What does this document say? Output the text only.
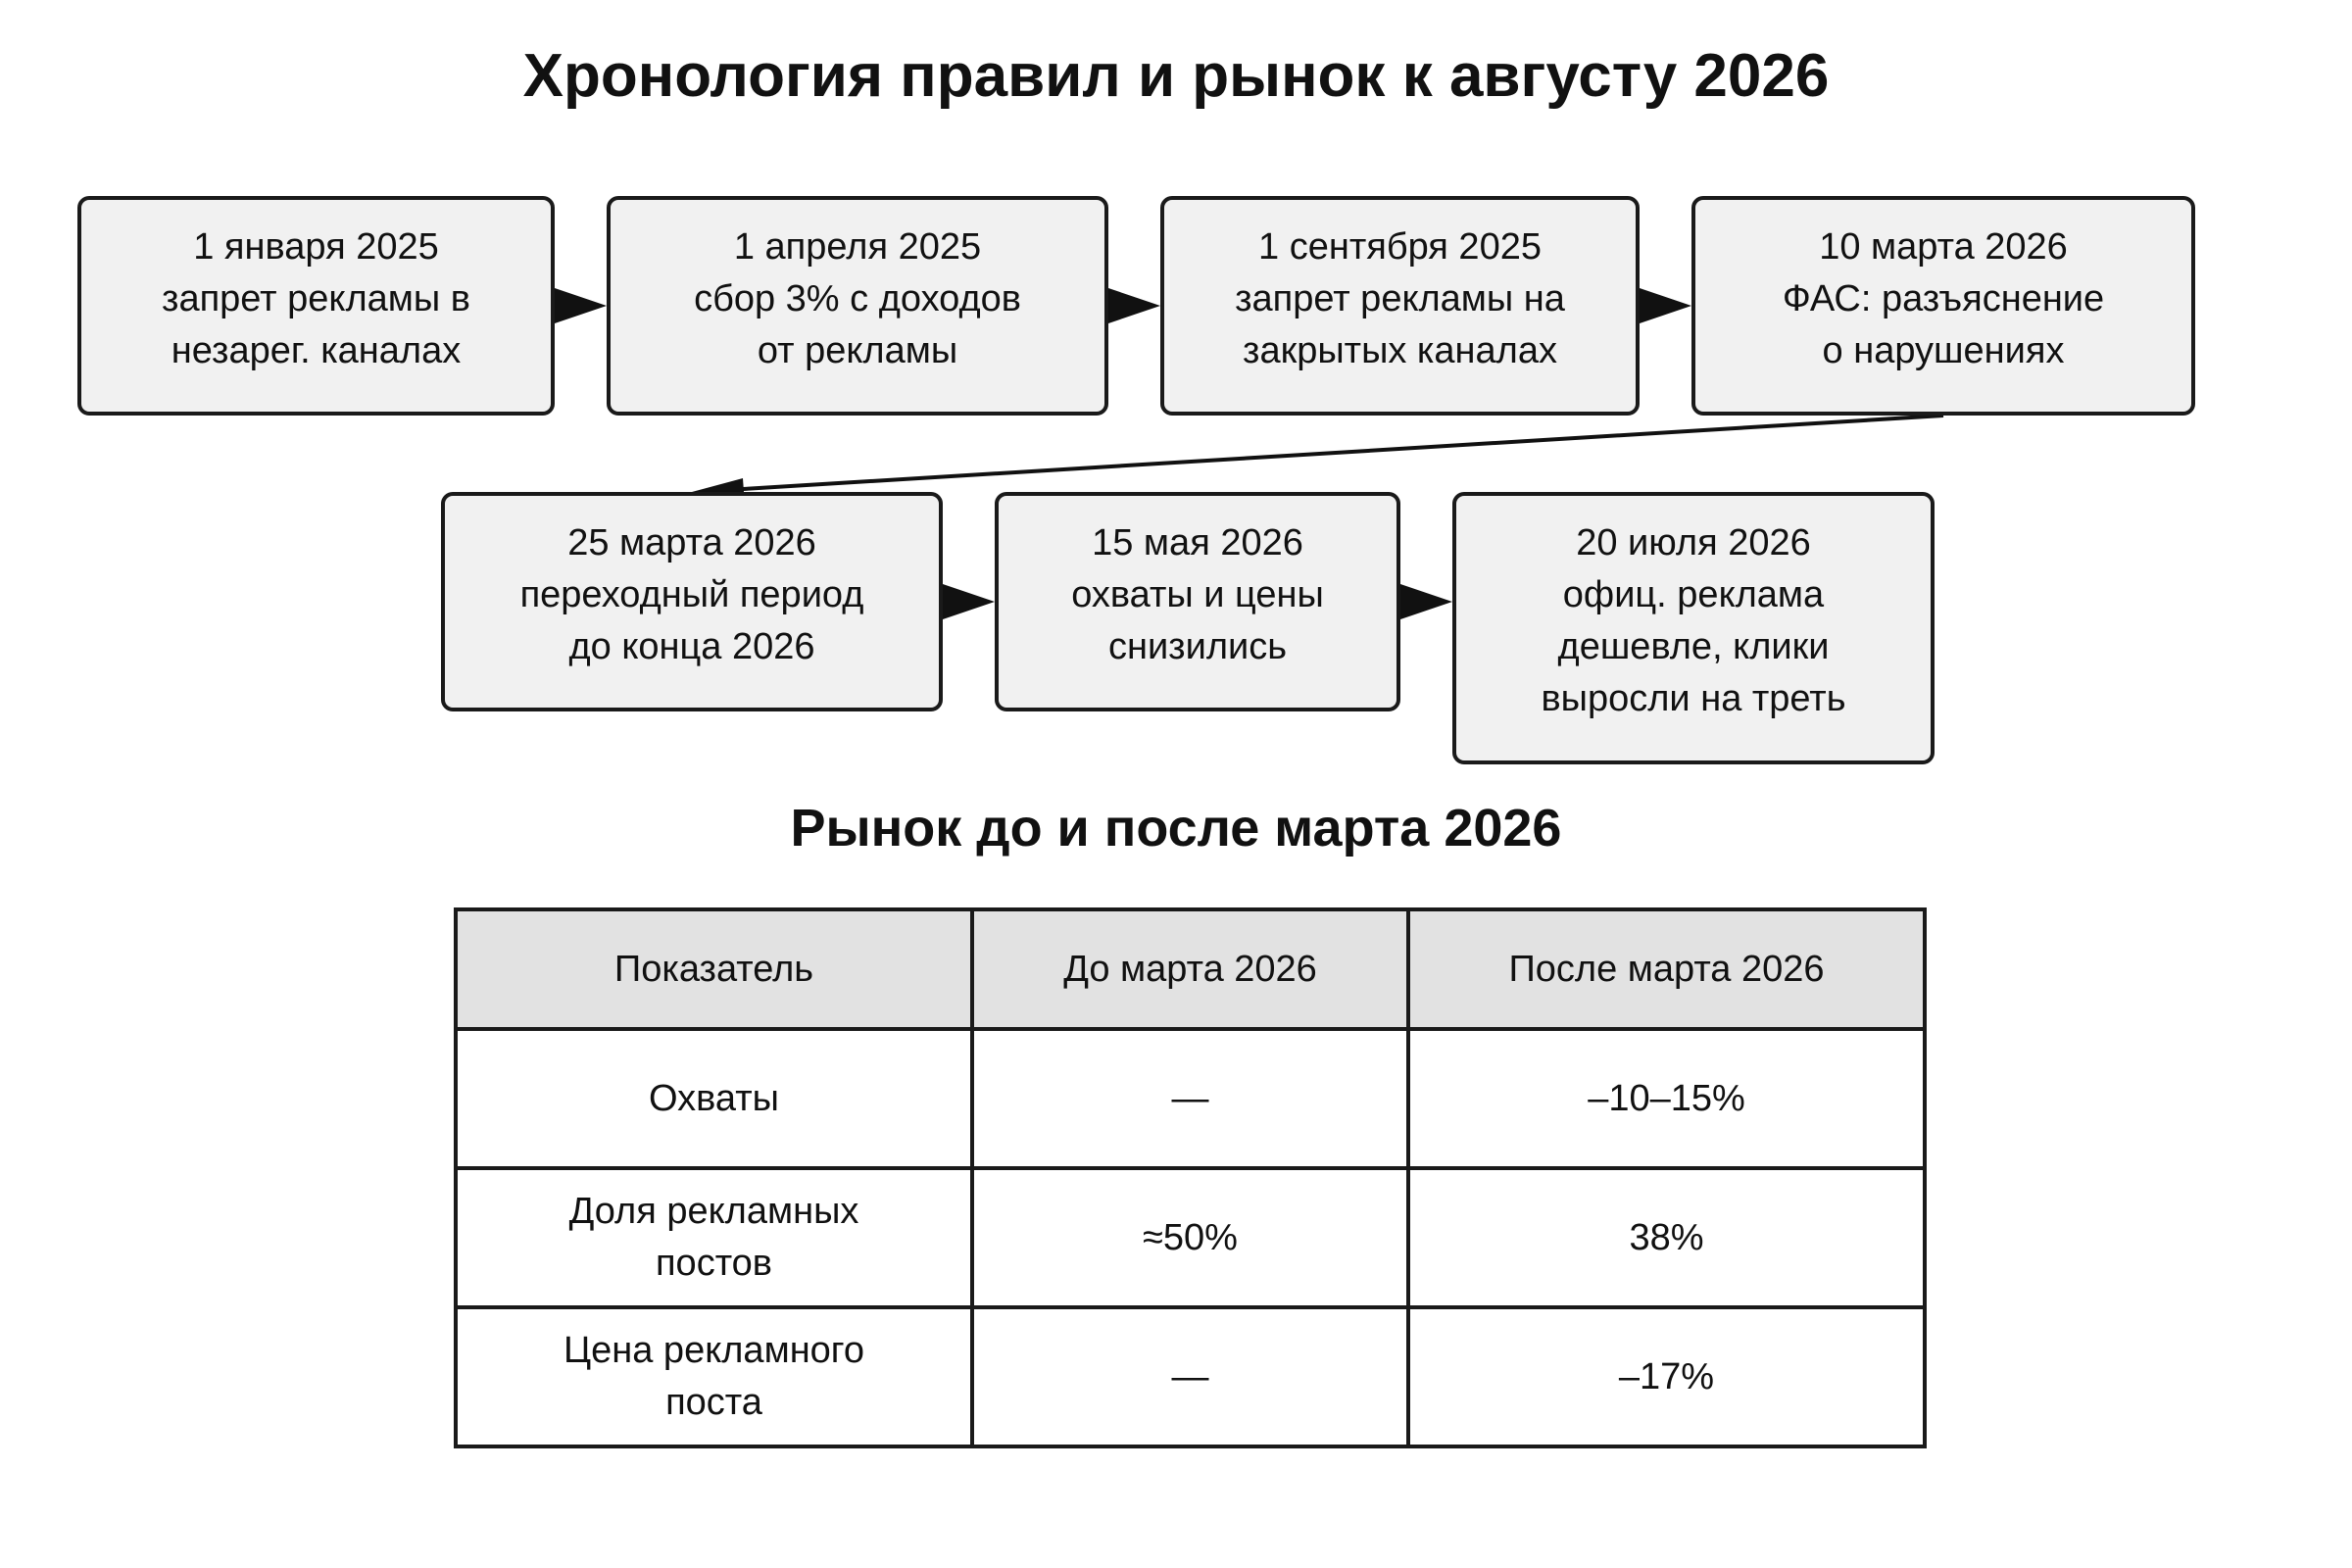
Хронология правил и рынок к августу 2026
1 января 2025
запрет рекламы в
незарег. каналах
1 апреля 2025
сбор 3% с доходов
от рекламы
1 сентября 2025
запрет рекламы на
закрытых каналах
10 марта 2026
ФАС: разъяснение
о нарушениях
25 марта 2026
переходный период
до конца 2026
15 мая 2026
охваты и цены
снизились
20 июля 2026
офиц. реклама
дешевле, клики
выросли на треть
Рынок до и после марта 2026
Показатель	До марта 2026	После марта 2026
Охваты	—	–10–15%
Доля рекламных
постов	≈50%	38%
Цена рекламного
поста	—	–17%
